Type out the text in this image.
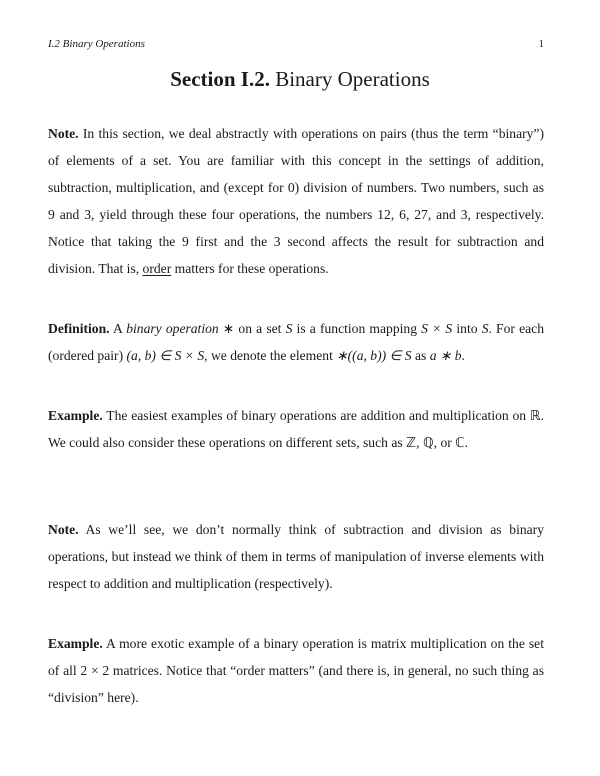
I.2 Binary Operations	1
Section I.2. Binary Operations
Note. In this section, we deal abstractly with operations on pairs (thus the term “binary”) of elements of a set. You are familiar with this concept in the settings of addition, subtraction, multiplication, and (except for 0) division of numbers. Two numbers, such as 9 and 3, yield through these four operations, the numbers 12, 6, 27, and 3, respectively. Notice that taking the 9 first and the 3 second affects the result for subtraction and division. That is, order matters for these operations.
Definition. A binary operation ∗ on a set S is a function mapping S × S into S. For each (ordered pair) (a, b) ∈ S × S, we denote the element ∗((a, b)) ∈ S as a ∗ b.
Example. The easiest examples of binary operations are addition and multiplication on ℝ. We could also consider these operations on different sets, such as ℤ, ℚ, or ℂ.
Note. As we’ll see, we don’t normally think of subtraction and division as binary operations, but instead we think of them in terms of manipulation of inverse elements with respect to addition and multiplication (respectively).
Example. A more exotic example of a binary operation is matrix multiplication on the set of all 2 × 2 matrices. Notice that “order matters” (and there is, in general, no such thing as “division” here).
